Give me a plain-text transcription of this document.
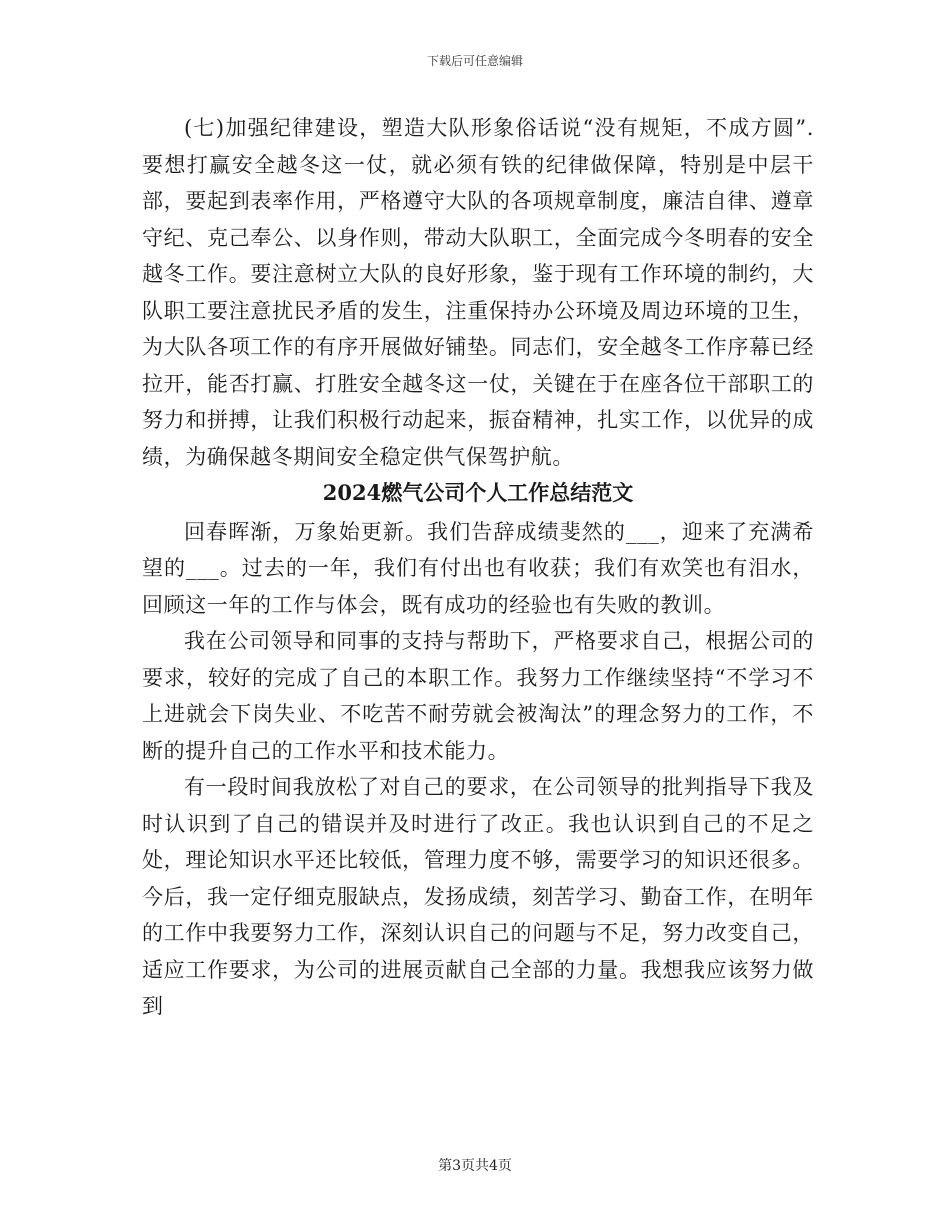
下载后可任意编辑

(七)加强纪律建设，塑造大队形象俗话说“没有规矩，不成方圆”.要想打赢安全越冬这一仗，就必须有铁的纪律做保障，特别是中层干部，要起到表率作用，严格遵守大队的各项规章制度，廉洁自律、遵章守纪、克己奉公、以身作则，带动大队职工，全面完成今冬明春的安全越冬工作。要注意树立大队的良好形象，鉴于现有工作环境的制约，大队职工要注意扰民矛盾的发生，注重保持办公环境及周边环境的卫生，为大队各项工作的有序开展做好铺垫。同志们，安全越冬工作序幕已经拉开，能否打赢、打胜安全越冬这一仗，关键在于在座各位干部职工的努力和拼搏，让我们积极行动起来，振奋精神，扎实工作，以优异的成绩，为确保越冬期间安全稳定供气保驾护航。

2024燃气公司个人工作总结范文

回春晖渐，万象始更新。我们告辞成绩斐然的___，迎来了充满希望的___。过去的一年，我们有付出也有收获；我们有欢笑也有泪水，回顾这一年的工作与体会，既有成功的经验也有失败的教训。

我在公司领导和同事的支持与帮助下，严格要求自己，根据公司的要求，较好的完成了自己的本职工作。我努力工作继续坚持“不学习不上进就会下岗失业、不吃苦不耐劳就会被淘汰”的理念努力的工作，不断的提升自己的工作水平和技术能力。

有一段时间我放松了对自己的要求，在公司领导的批判指导下我及时认识到了自己的错误并及时进行了改正。我也认识到自己的不足之处，理论知识水平还比较低，管理力度不够，需要学习的知识还很多。今后，我一定仔细克服缺点，发扬成绩，刻苦学习、勤奋工作，在明年的工作中我要努力工作，深刻认识自己的问题与不足，努力改变自己，适应工作要求，为公司的进展贡献自己全部的力量。我想我应该努力做到

第3页共4页
